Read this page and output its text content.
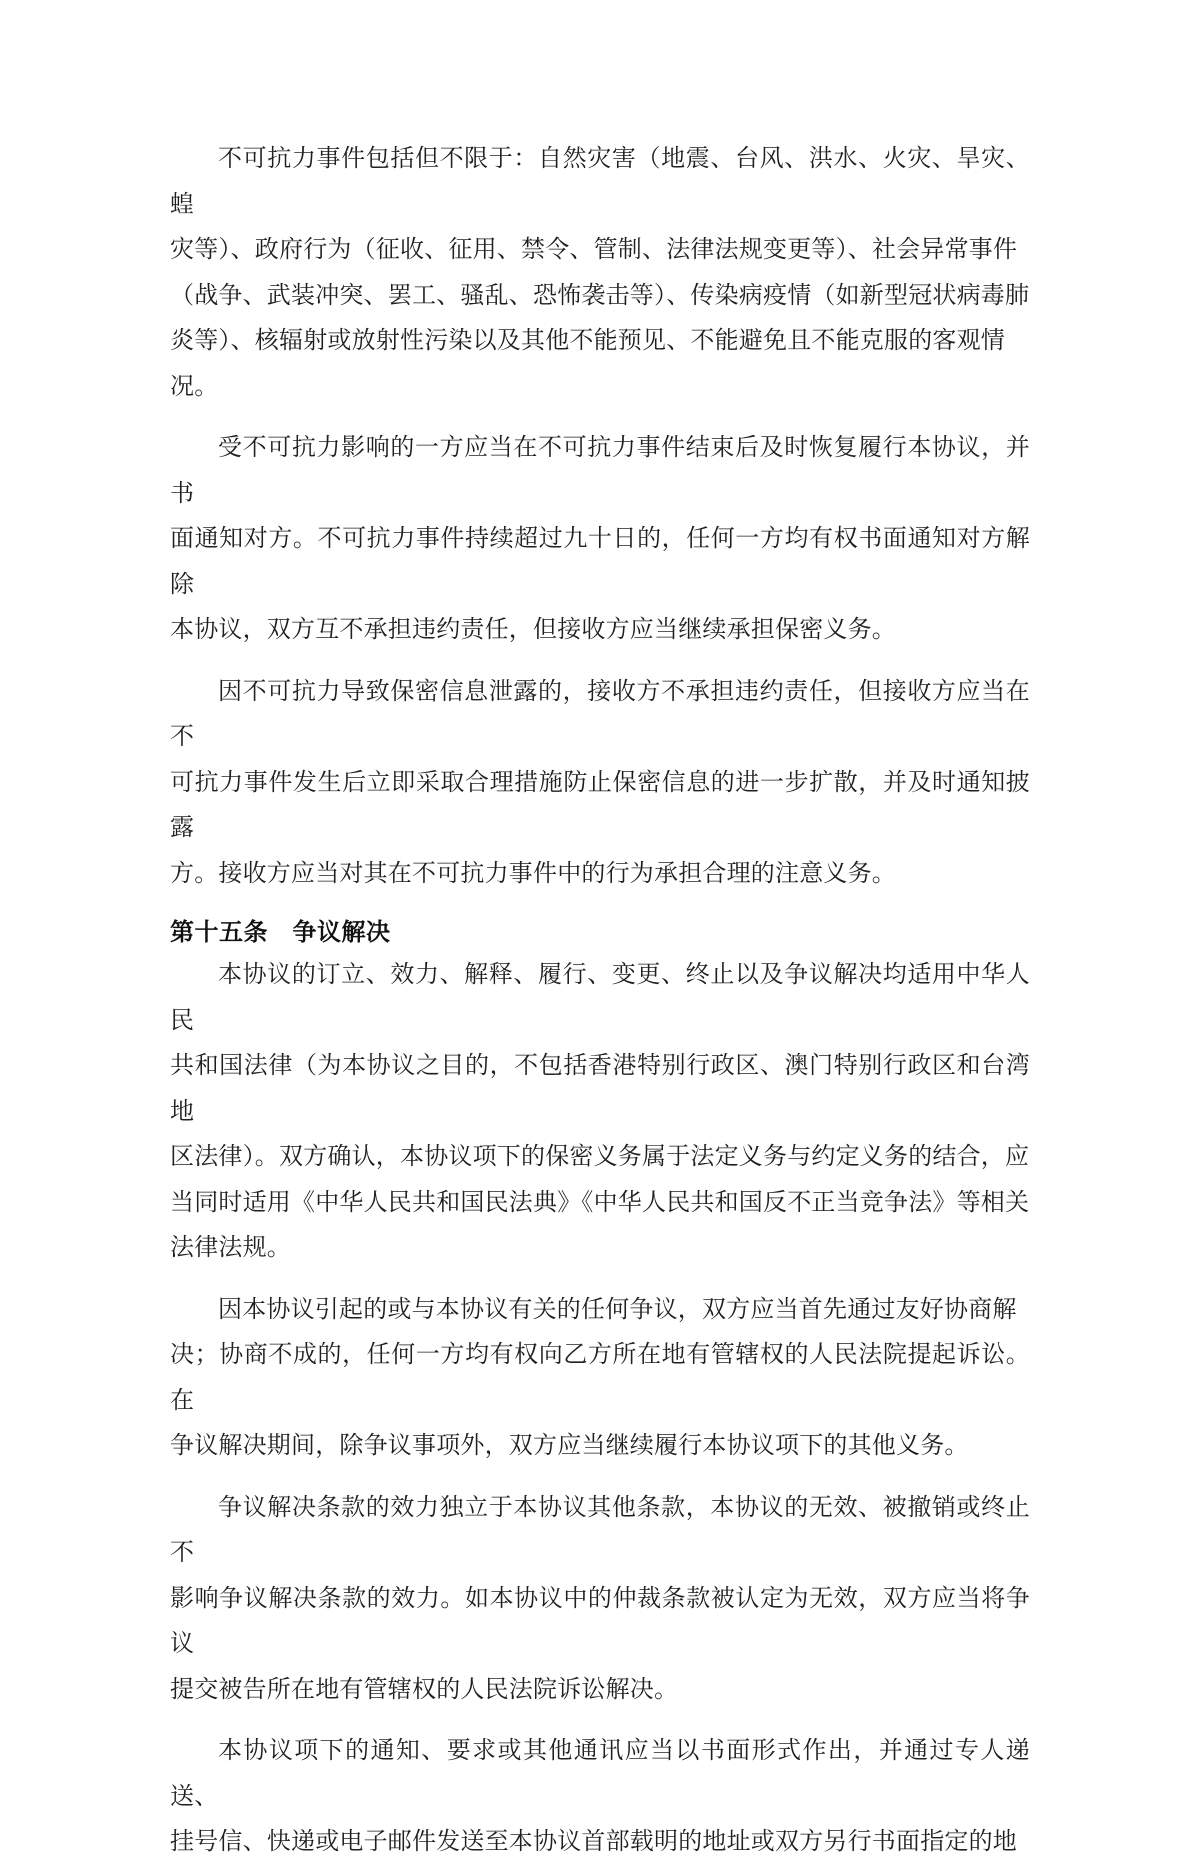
不可抗力事件包括但不限于：自然灾害（地震、台风、洪水、火灾、旱灾、蝗
灾等）、政府行为（征收、征用、禁令、管制、法律法规变更等）、社会异常事件
（战争、武装冲突、罢工、骚乱、恐怖袭击等）、传染病疫情（如新型冠状病毒肺
炎等）、核辐射或放射性污染以及其他不能预见、不能避免且不能克服的客观情
况。

受不可抗力影响的一方应当在不可抗力事件结束后及时恢复履行本协议，并书
面通知对方。不可抗力事件持续超过九十日的，任何一方均有权书面通知对方解除
本协议，双方互不承担违约责任，但接收方应当继续承担保密义务。

因不可抗力导致保密信息泄露的，接收方不承担违约责任，但接收方应当在不
可抗力事件发生后立即采取合理措施防止保密信息的进一步扩散，并及时通知披露
方。接收方应当对其在不可抗力事件中的行为承担合理的注意义务。

第十五条　争议解决

本协议的订立、效力、解释、履行、变更、终止以及争议解决均适用中华人民
共和国法律（为本协议之目的，不包括香港特别行政区、澳门特别行政区和台湾地
区法律）。双方确认，本协议项下的保密义务属于法定义务与约定义务的结合，应
当同时适用《中华人民共和国民法典》《中华人民共和国反不正当竞争法》等相关
法律法规。

因本协议引起的或与本协议有关的任何争议，双方应当首先通过友好协商解
决；协商不成的，任何一方均有权向乙方所在地有管辖权的人民法院提起诉讼。在
争议解决期间，除争议事项外，双方应当继续履行本协议项下的其他义务。

争议解决条款的效力独立于本协议其他条款，本协议的无效、被撤销或终止不
影响争议解决条款的效力。如本协议中的仲裁条款被认定为无效，双方应当将争议
提交被告所在地有管辖权的人民法院诉讼解决。

本协议项下的通知、要求或其他通讯应当以书面形式作出，并通过专人递送、
挂号信、快递或电子邮件发送至本协议首部载明的地址或双方另行书面指定的地
